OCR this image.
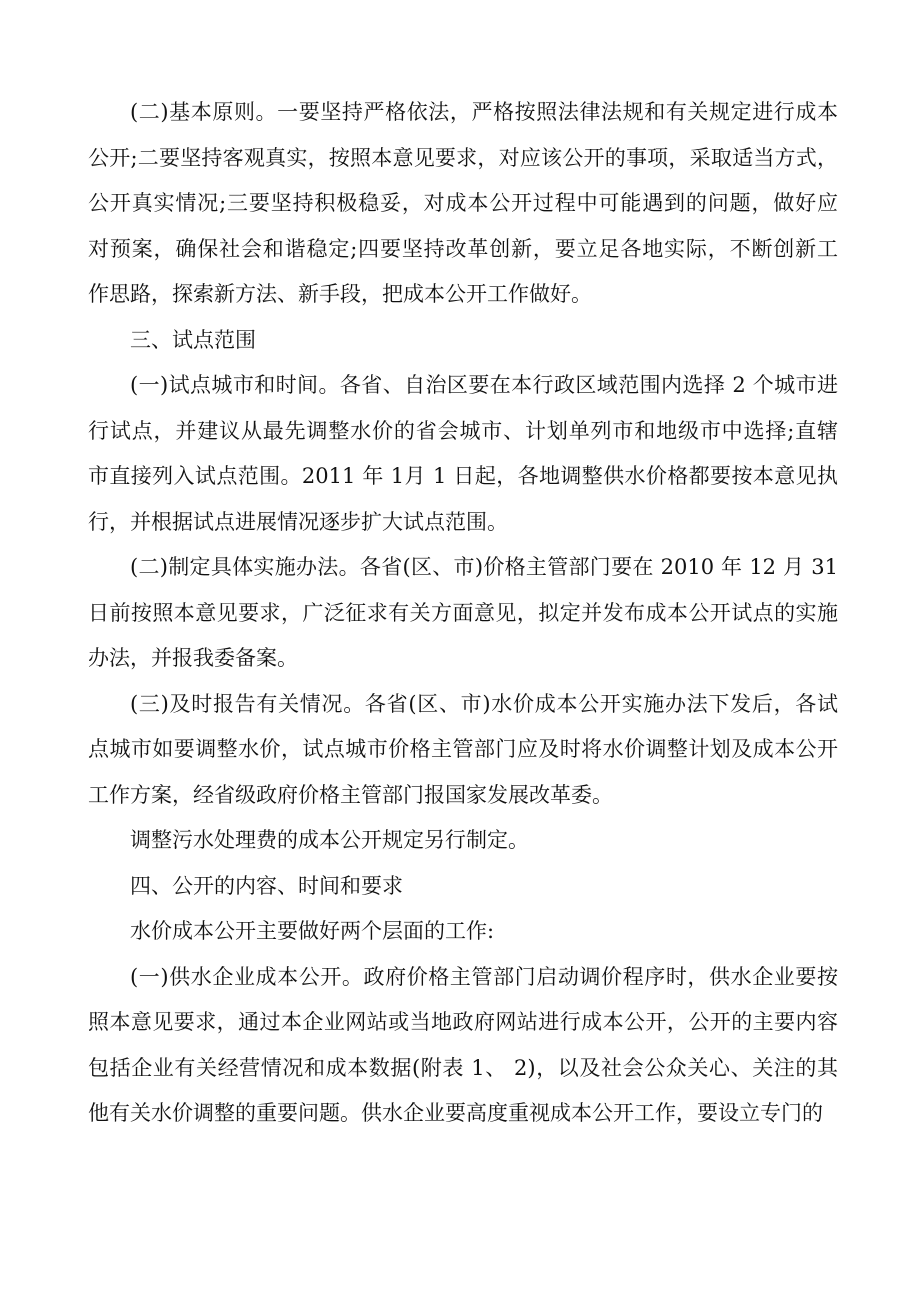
(二)基本原则。一要坚持严格依法，严格按照法律法规和有关规定进行成本
公开;二要坚持客观真实，按照本意见要求，对应该公开的事项，采取适当方式，
公开真实情况;三要坚持积极稳妥，对成本公开过程中可能遇到的问题，做好应
对预案，确保社会和谐稳定;四要坚持改革创新，要立足各地实际，不断创新工
作思路，探索新方法、新手段，把成本公开工作做好。
三、试点范围
(一)试点城市和时间。各省、自治区要在本行政区域范围内选择 2 个城市进
行试点，并建议从最先调整水价的省会城市、计划单列市和地级市中选择;直辖
市直接列入试点范围。2011 年 1月 1 日起，各地调整供水价格都要按本意见执
行，并根据试点进展情况逐步扩大试点范围。
(二)制定具体实施办法。各省(区、市)价格主管部门要在 2010 年 12 月 31
日前按照本意见要求，广泛征求有关方面意见，拟定并发布成本公开试点的实施
办法，并报我委备案。
(三)及时报告有关情况。各省(区、市)水价成本公开实施办法下发后，各试
点城市如要调整水价，试点城市价格主管部门应及时将水价调整计划及成本公开
工作方案，经省级政府价格主管部门报国家发展改革委。
调整污水处理费的成本公开规定另行制定。
四、公开的内容、时间和要求
水价成本公开主要做好两个层面的工作:
(一)供水企业成本公开。政府价格主管部门启动调价程序时，供水企业要按
照本意见要求，通过本企业网站或当地政府网站进行成本公开，公开的主要内容
包括企业有关经营情况和成本数据(附表 1、 2)，以及社会公众关心、关注的其
他有关水价调整的重要问题。供水企业要高度重视成本公开工作，要设立专门的
